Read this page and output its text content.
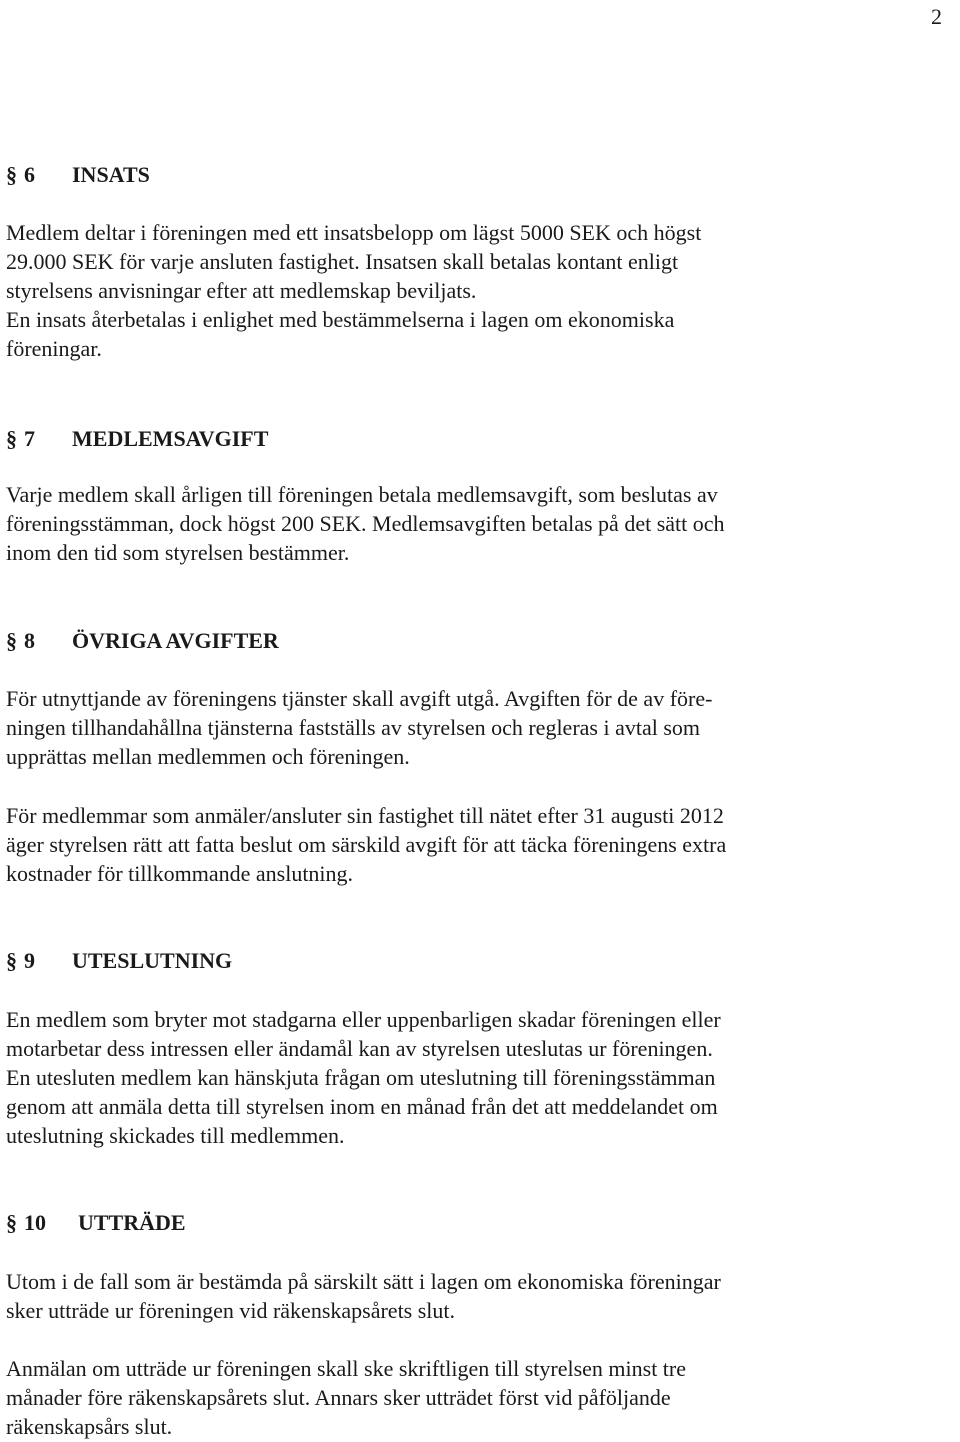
2
§ 6 INSATS

Medlem deltar i föreningen med ett insatsbelopp om lägst 5000 SEK och högst
29.000 SEK för varje ansluten fastighet. Insatsen skall betalas kontant enligt
styrelsens anvisningar efter att medlemskap beviljats.
En insats återbetalas i enlighet med bestämmelserna i lagen om ekonomiska
föreningar.

§ 7 MEDLEMSAVGIFT

Varje medlem skall årligen till föreningen betala medlemsavgift, som beslutas av
föreningsstämman, dock högst 200 SEK. Medlemsavgiften betalas på det sätt och
inom den tid som styrelsen bestämmer.

§ 8 ÖVRIGA AVGIFTER

För utnyttjande av föreningens tjänster skall avgift utgå. Avgiften för de av före-
ningen tillhandahållna tjänsterna fastställs av styrelsen och regleras i avtal som
upprättas mellan medlemmen och föreningen.

För medlemmar som anmäler/ansluter sin fastighet till nätet efter 31 augusti 2012
äger styrelsen rätt att fatta beslut om särskild avgift för att täcka föreningens extra
kostnader för tillkommande anslutning.

§ 9 UTESLUTNING

En medlem som bryter mot stadgarna eller uppenbarligen skadar föreningen eller
motarbetar dess intressen eller ändamål kan av styrelsen uteslutas ur föreningen.
En utesluten medlem kan hänskjuta frågan om uteslutning till föreningsstämman
genom att anmäla detta till styrelsen inom en månad från det att meddelandet om
uteslutning skickades till medlemmen.

§ 10 UTTRÄDE

Utom i de fall som är bestämda på särskilt sätt i lagen om ekonomiska föreningar
sker utträde ur föreningen vid räkenskapsårets slut.

Anmälan om utträde ur föreningen skall ske skriftligen till styrelsen minst tre
månader före räkenskapsårets slut. Annars sker utträdet först vid påföljande
räkenskapsårs slut.
